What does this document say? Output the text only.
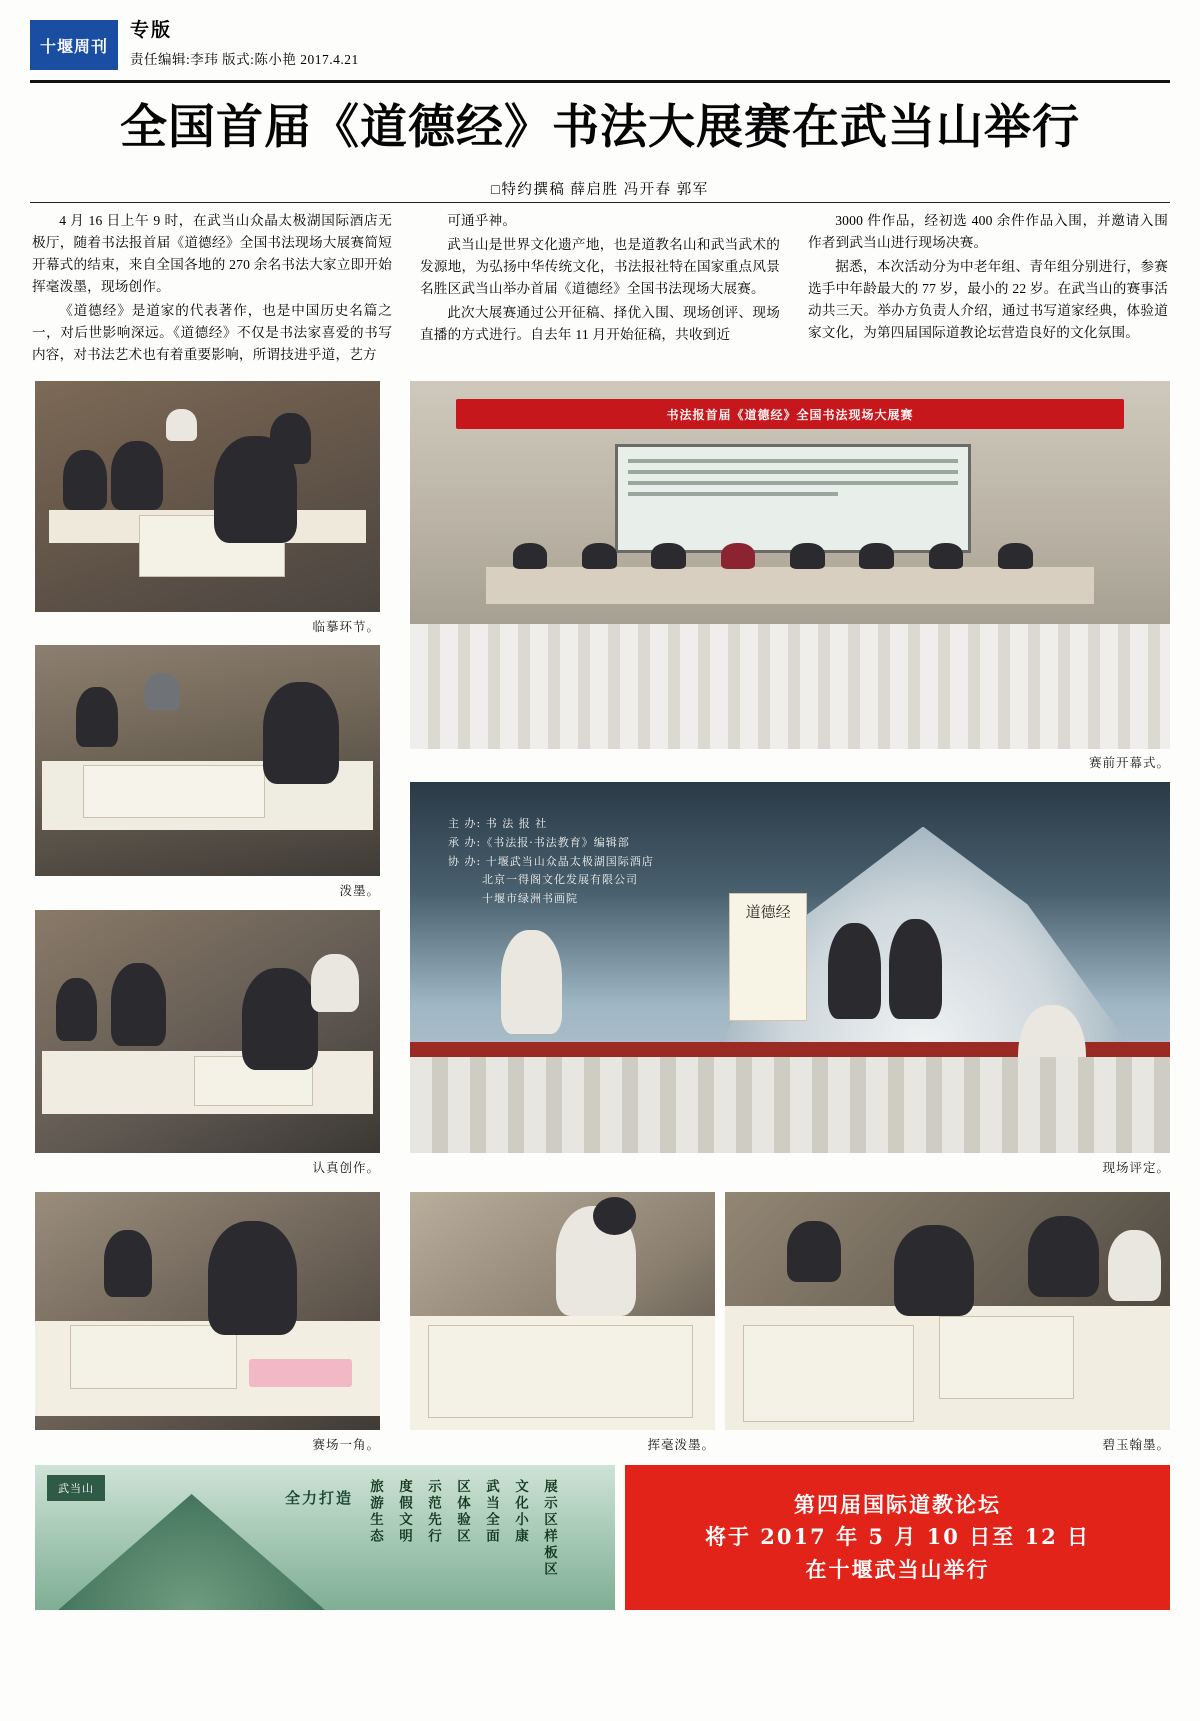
十堰周刊
专版
责任编辑:李玮 版式:陈小艳 2017.4.21
全国首届《道德经》书法大展赛在武当山举行
□特约撰稿 薛启胜 冯开春 郭军

4 月 16 日上午 9 时，在武当山众晶太极湖国际酒店无极厅，随着书法报首届《道德经》全国书法现场大展赛简短开幕式的结束，来自全国各地的 270 余名书法大家立即开始挥毫泼墨，现场创作。

《道德经》是道家的代表著作，也是中国历史名篇之一，对后世影响深远。《道德经》不仅是书法家喜爱的书写内容，对书法艺术也有着重要影响，所谓技进乎道，艺方

可通乎神。

武当山是世界文化遗产地，也是道教名山和武当武术的发源地，为弘扬中华传统文化，书法报社特在国家重点风景名胜区武当山举办首届《道德经》全国书法现场大展赛。

此次大展赛通过公开征稿、择优入围、现场创评、现场直播的方式进行。自去年 11 月开始征稿，共收到近

3000 件作品，经初选 400 余件作品入围，并邀请入围作者到武当山进行现场决赛。

据悉，本次活动分为中老年组、青年组分别进行，参赛选手中年龄最大的 77 岁，最小的 22 岁。在武当山的赛事活动共三天。举办方负责人介绍，通过书写道家经典，体验道家文化，为第四届国际道教论坛营造良好的文化氛围。

临摹环节。
泼墨。
认真创作。
赛场一角。
书法报首届《道德经》全国书法现场大展赛
赛前开幕式。
主 办: 书 法 报 社
承 办:《书法报·书法教育》编辑部
协 办: 十堰武当山众晶太极湖国际酒店
北京一得阁文化发展有限公司
十堰市绿洲书画院
道德经
现场评定。
挥毫泼墨。	碧玉翰墨。
武当山
全力打造 旅游生态 度假文明 示范先行 区体验区 武当全面 文化小康 展示区样板区	第四届国际道教论坛
将于 2017 年 5 月 10 日至 12 日
在十堰武当山举行
